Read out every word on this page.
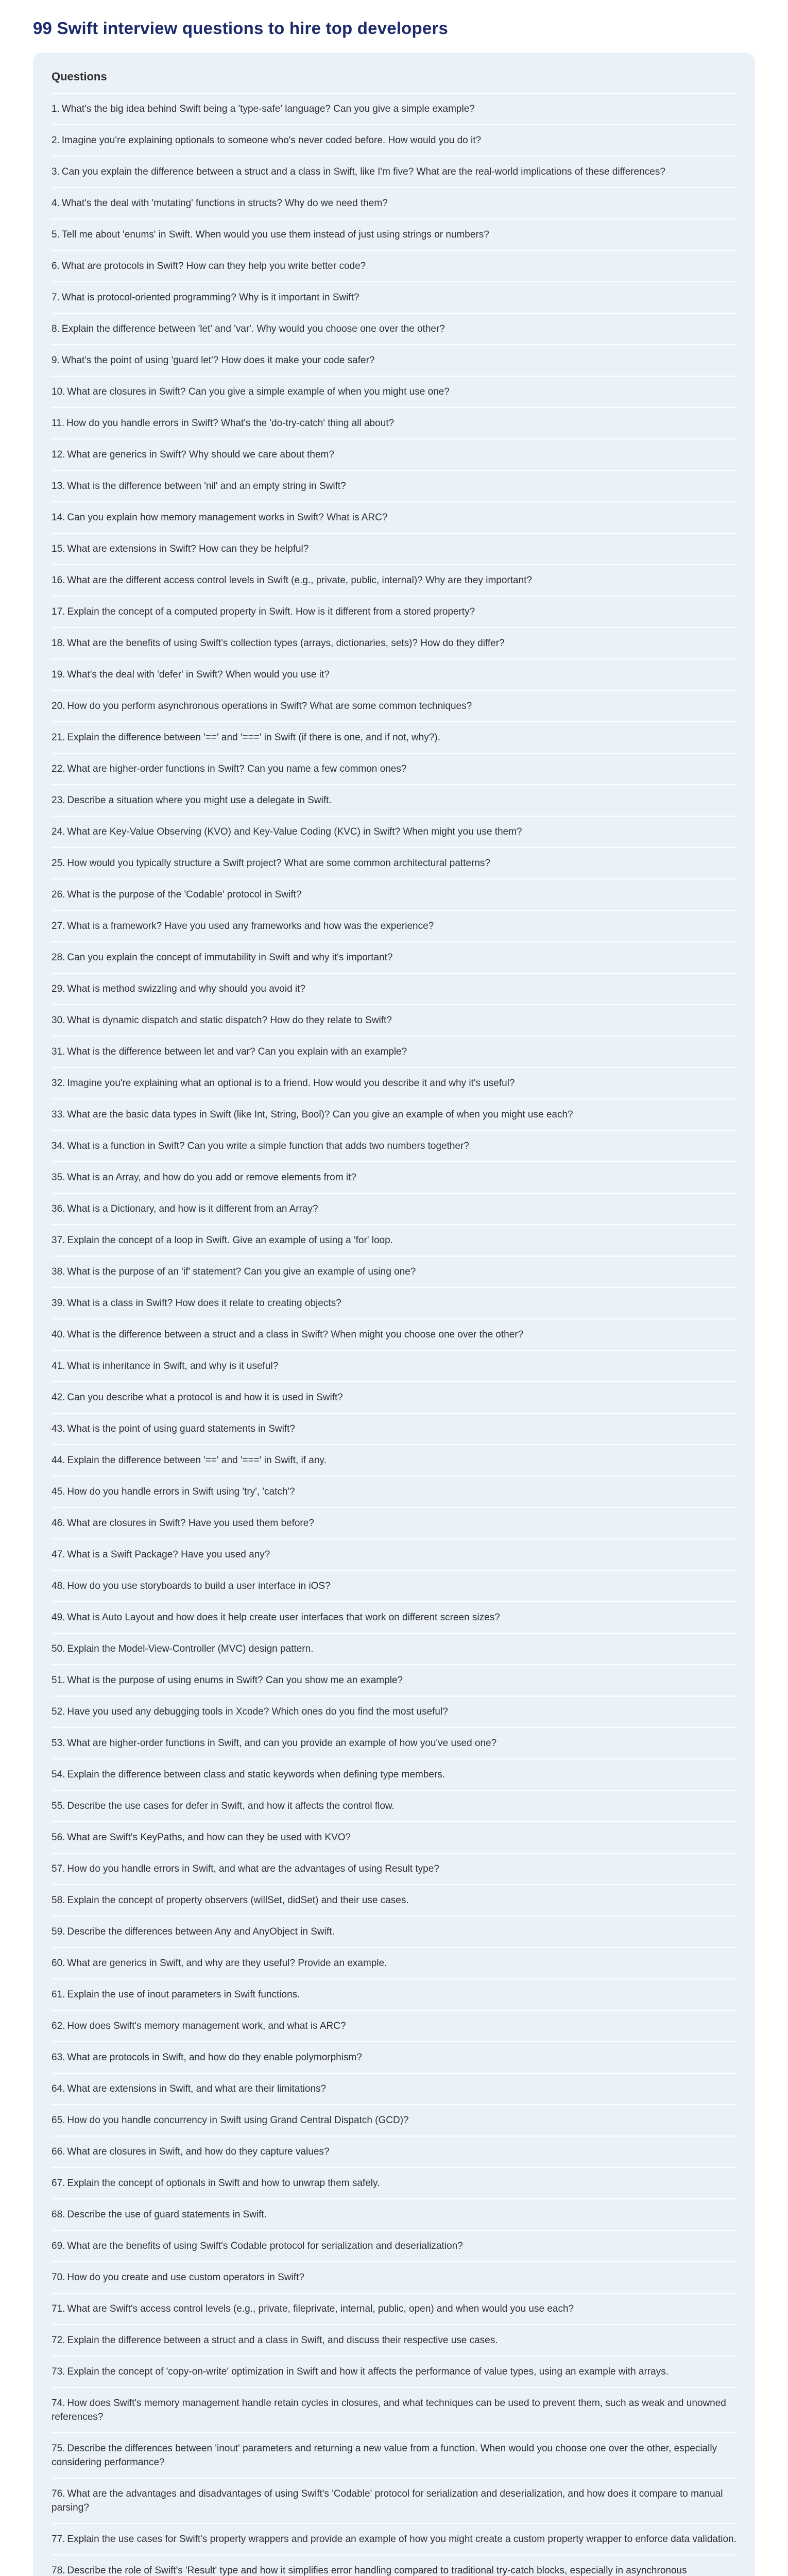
99 Swift interview questions to hire top developers
Questions
1. What's the big idea behind Swift being a 'type-safe' language? Can you give a simple example?
2. Imagine you're explaining optionals to someone who's never coded before. How would you do it?
3. Can you explain the difference between a struct and a class in Swift, like I'm five? What are the real-world implications of these differences?
4. What's the deal with 'mutating' functions in structs? Why do we need them?
5. Tell me about 'enums' in Swift. When would you use them instead of just using strings or numbers?
6. What are protocols in Swift? How can they help you write better code?
7. What is protocol-oriented programming? Why is it important in Swift?
8. Explain the difference between 'let' and 'var'. Why would you choose one over the other?
9. What's the point of using 'guard let'? How does it make your code safer?
10. What are closures in Swift? Can you give a simple example of when you might use one?
11. How do you handle errors in Swift? What's the 'do-try-catch' thing all about?
12. What are generics in Swift? Why should we care about them?
13. What is the difference between 'nil' and an empty string in Swift?
14. Can you explain how memory management works in Swift? What is ARC?
15. What are extensions in Swift? How can they be helpful?
16. What are the different access control levels in Swift (e.g., private, public, internal)? Why are they important?
17. Explain the concept of a computed property in Swift. How is it different from a stored property?
18. What are the benefits of using Swift's collection types (arrays, dictionaries, sets)? How do they differ?
19. What's the deal with 'defer' in Swift? When would you use it?
20. How do you perform asynchronous operations in Swift? What are some common techniques?
21. Explain the difference between '==' and '===' in Swift (if there is one, and if not, why?).
22. What are higher-order functions in Swift? Can you name a few common ones?
23. Describe a situation where you might use a delegate in Swift.
24. What are Key-Value Observing (KVO) and Key-Value Coding (KVC) in Swift? When might you use them?
25. How would you typically structure a Swift project? What are some common architectural patterns?
26. What is the purpose of the 'Codable' protocol in Swift?
27. What is a framework? Have you used any frameworks and how was the experience?
28. Can you explain the concept of immutability in Swift and why it's important?
29. What is method swizzling and why should you avoid it?
30. What is dynamic dispatch and static dispatch? How do they relate to Swift?
31. What is the difference between let and var? Can you explain with an example?
32. Imagine you're explaining what an optional is to a friend. How would you describe it and why it's useful?
33. What are the basic data types in Swift (like Int, String, Bool)? Can you give an example of when you might use each?
34. What is a function in Swift? Can you write a simple function that adds two numbers together?
35. What is an Array, and how do you add or remove elements from it?
36. What is a Dictionary, and how is it different from an Array?
37. Explain the concept of a loop in Swift. Give an example of using a 'for' loop.
38. What is the purpose of an 'if' statement? Can you give an example of using one?
39. What is a class in Swift? How does it relate to creating objects?
40. What is the difference between a struct and a class in Swift? When might you choose one over the other?
41. What is inheritance in Swift, and why is it useful?
42. Can you describe what a protocol is and how it is used in Swift?
43. What is the point of using guard statements in Swift?
44. Explain the difference between '==' and '===' in Swift, if any.
45. How do you handle errors in Swift using 'try', 'catch'?
46. What are closures in Swift? Have you used them before?
47. What is a Swift Package? Have you used any?
48. How do you use storyboards to build a user interface in iOS?
49. What is Auto Layout and how does it help create user interfaces that work on different screen sizes?
50. Explain the Model-View-Controller (MVC) design pattern.
51. What is the purpose of using enums in Swift? Can you show me an example?
52. Have you used any debugging tools in Xcode? Which ones do you find the most useful?
53. What are higher-order functions in Swift, and can you provide an example of how you've used one?
54. Explain the difference between class and static keywords when defining type members.
55. Describe the use cases for defer in Swift, and how it affects the control flow.
56. What are Swift's KeyPaths, and how can they be used with KVO?
57. How do you handle errors in Swift, and what are the advantages of using Result type?
58. Explain the concept of property observers (willSet, didSet) and their use cases.
59. Describe the differences between Any and AnyObject in Swift.
60. What are generics in Swift, and why are they useful? Provide an example.
61. Explain the use of inout parameters in Swift functions.
62. How does Swift's memory management work, and what is ARC?
63. What are protocols in Swift, and how do they enable polymorphism?
64. What are extensions in Swift, and what are their limitations?
65. How do you handle concurrency in Swift using Grand Central Dispatch (GCD)?
66. What are closures in Swift, and how do they capture values?
67. Explain the concept of optionals in Swift and how to unwrap them safely.
68. Describe the use of guard statements in Swift.
69. What are the benefits of using Swift's Codable protocol for serialization and deserialization?
70. How do you create and use custom operators in Swift?
71. What are Swift's access control levels (e.g., private, fileprivate, internal, public, open) and when would you use each?
72. Explain the difference between a struct and a class in Swift, and discuss their respective use cases.
73. Explain the concept of 'copy-on-write' optimization in Swift and how it affects the performance of value types, using an example with arrays.
74. How does Swift's memory management handle retain cycles in closures, and what techniques can be used to prevent them, such as weak and unowned references?
75. Describe the differences between 'inout' parameters and returning a new value from a function. When would you choose one over the other, especially considering performance?
76. What are the advantages and disadvantages of using Swift's 'Codable' protocol for serialization and deserialization, and how does it compare to manual parsing?
77. Explain the use cases for Swift's property wrappers and provide an example of how you might create a custom property wrapper to enforce data validation.
78. Describe the role of Swift's 'Result' type and how it simplifies error handling compared to traditional try-catch blocks, especially in asynchronous
